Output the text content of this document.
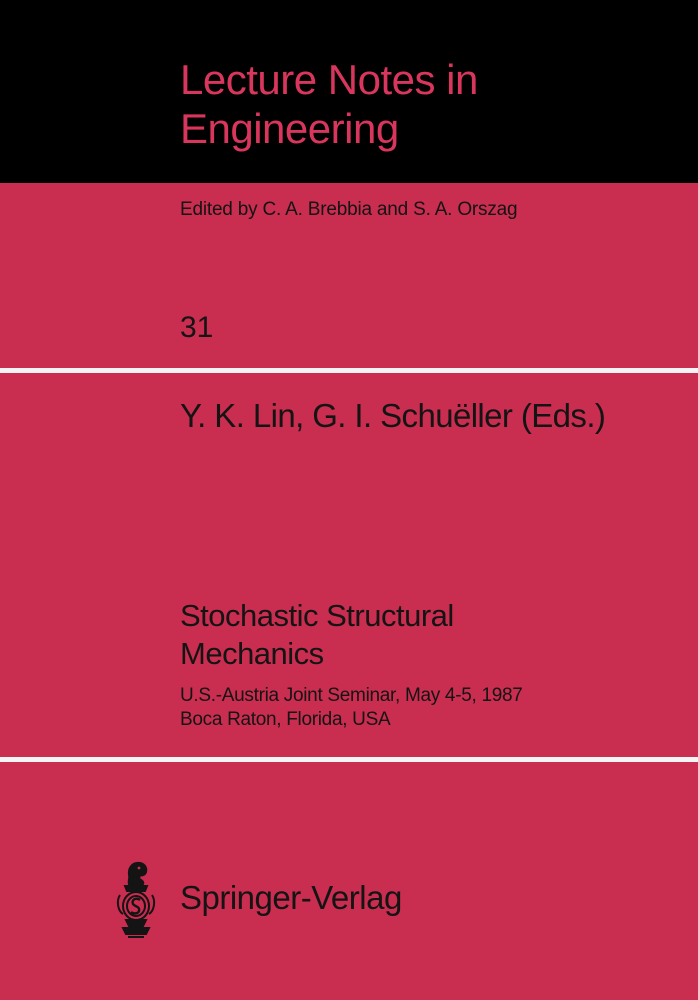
Lecture Notes in
Engineering
Edited by C. A. Brebbia and S. A. Orszag
31
Y. K. Lin, G. I. Schuëller (Eds.)
Stochastic Structural
Mechanics
U.S.-Austria Joint Seminar, May 4-5, 1987
Boca Raton, Florida, USA
Springer-Verlag
